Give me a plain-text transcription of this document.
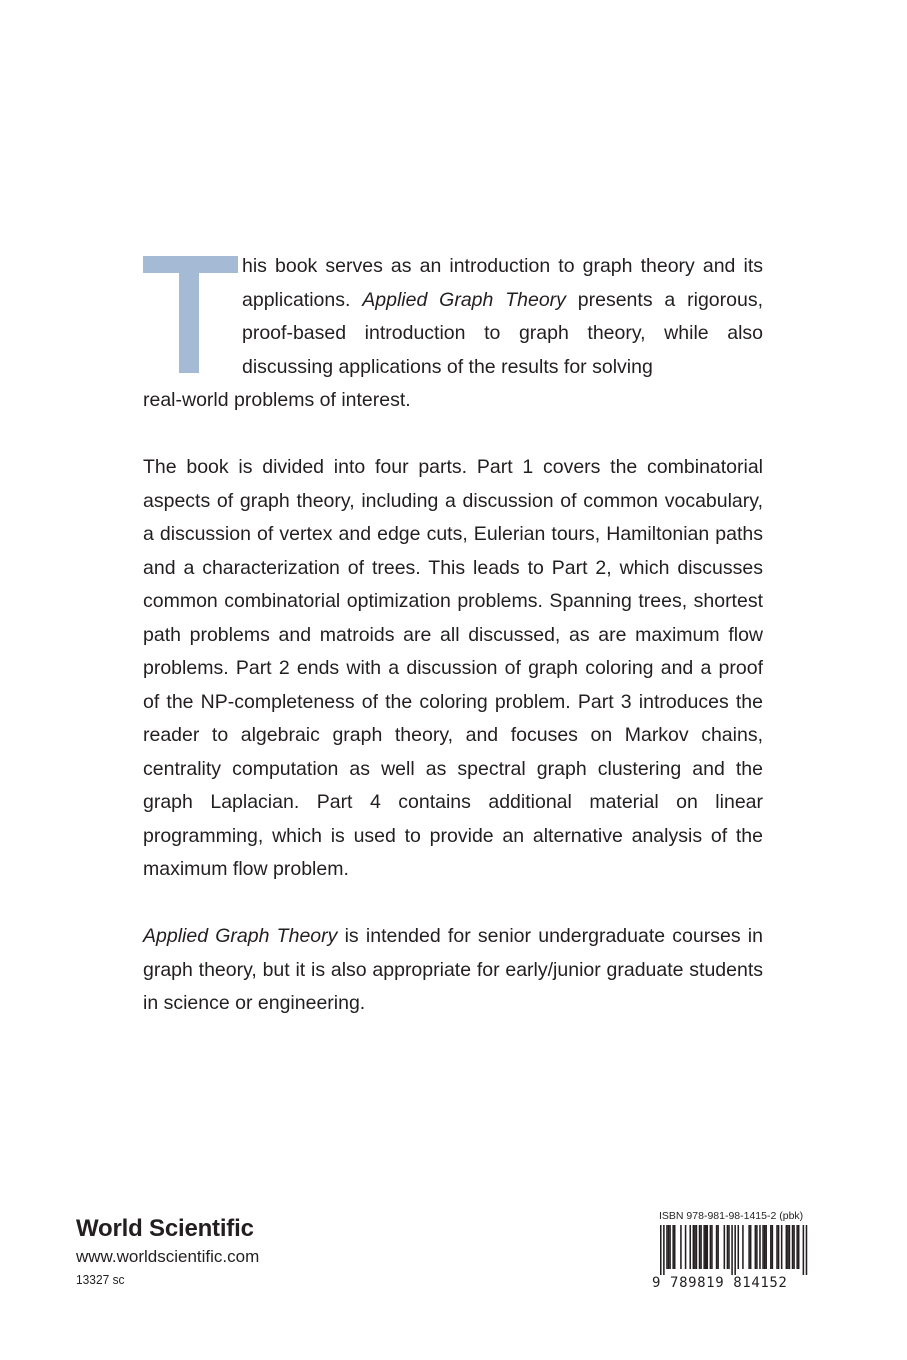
his book serves as an introduction to graph theory and its applications. Applied Graph Theory presents a rigorous, proof-based introduction to graph theory, while also discussing applications of the results for solving

real-world problems of interest.

The book is divided into four parts. Part 1 covers the combinatorial aspects of graph theory, including a discussion of common vocabulary, a discussion of vertex and edge cuts, Eulerian tours, Hamiltonian paths and a characterization of trees. This leads to Part 2, which discusses common combinatorial optimization problems. Spanning trees, shortest path problems and matroids are all discussed, as are maximum flow problems. Part 2 ends with a discussion of graph coloring and a proof of the NP-completeness of the coloring problem. Part 3 introduces the reader to algebraic graph theory, and focuses on Markov chains, centrality computation as well as spectral graph clustering and the graph Laplacian. Part 4 contains additional material on linear programming, which is used to provide an alternative analysis of the maximum flow problem.

Applied Graph Theory is intended for senior undergraduate courses in graph theory, but it is also appropriate for early/junior graduate students in science or engineering.

World Scientific
www.worldscientific.com
13327 sc
ISBN 978-981-98-1415-2 (pbk)
9 789819 814152
